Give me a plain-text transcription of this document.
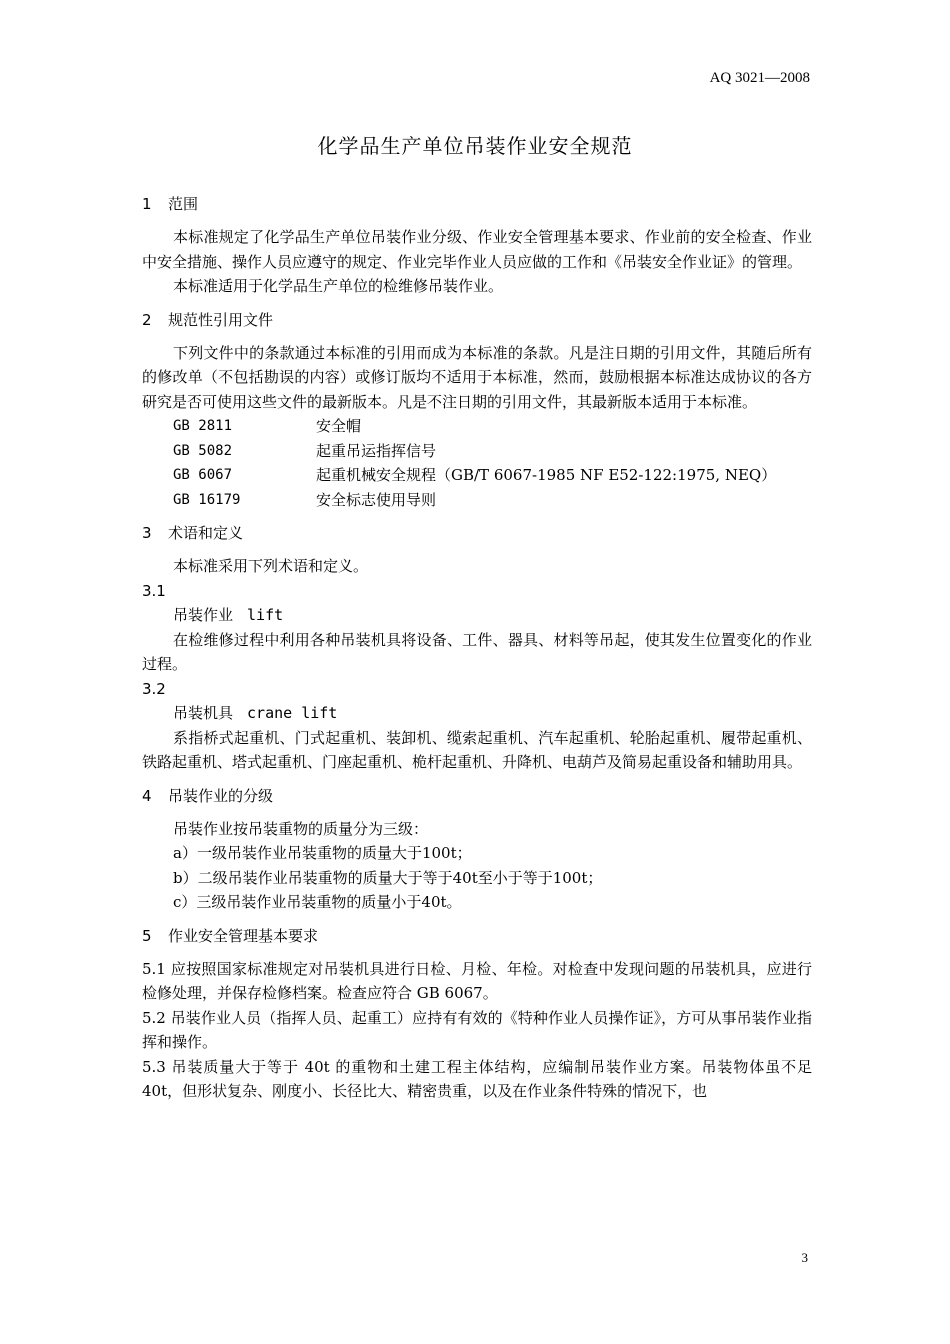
AQ 3021—2008
化学品生产单位吊装作业安全规范

1 范围

本标准规定了化学品生产单位吊装作业分级、作业安全管理基本要求、作业前的安全检查、作业中安全措施、操作人员应遵守的规定、作业完毕作业人员应做的工作和《吊装安全作业证》的管理。

本标准适用于化学品生产单位的检维修吊装作业。

2 规范性引用文件

下列文件中的条款通过本标准的引用而成为本标准的条款。凡是注日期的引用文件，其随后所有的修改单（不包括勘误的内容）或修订版均不适用于本标准，然而，鼓励根据本标准达成协议的各方研究是否可使用这些文件的最新版本。凡是不注日期的引用文件，其最新版本适用于本标准。

GB 2811	安全帽
GB 5082	起重吊运指挥信号
GB 6067	起重机械安全规程（GB/T 6067-1985 NF E52-122:1975, NEQ）
GB 16179	安全标志使用导则

3 术语和定义

本标准采用下列术语和定义。

3.1

吊装作业 lift

在检维修过程中利用各种吊装机具将设备、工件、器具、材料等吊起，使其发生位置变化的作业过程。

3.2

吊装机具 crane lift

系指桥式起重机、门式起重机、装卸机、缆索起重机、汽车起重机、轮胎起重机、履带起重机、铁路起重机、塔式起重机、门座起重机、桅杆起重机、升降机、电葫芦及简易起重设备和辅助用具。

4 吊装作业的分级

吊装作业按吊装重物的质量分为三级：

a）一级吊装作业吊装重物的质量大于100t；

b）二级吊装作业吊装重物的质量大于等于40t至小于等于100t；

c）三级吊装作业吊装重物的质量小于40t。

5 作业安全管理基本要求

5.1 应按照国家标准规定对吊装机具进行日检、月检、年检。对检查中发现问题的吊装机具，应进行检修处理，并保存检修档案。检查应符合 GB 6067。

5.2 吊装作业人员（指挥人员、起重工）应持有有效的《特种作业人员操作证》，方可从事吊装作业指挥和操作。

5.3 吊装质量大于等于 40t 的重物和土建工程主体结构，应编制吊装作业方案。吊装物体虽不足 40t，但形状复杂、刚度小、长径比大、精密贵重，以及在作业条件特殊的情况下，也

3
